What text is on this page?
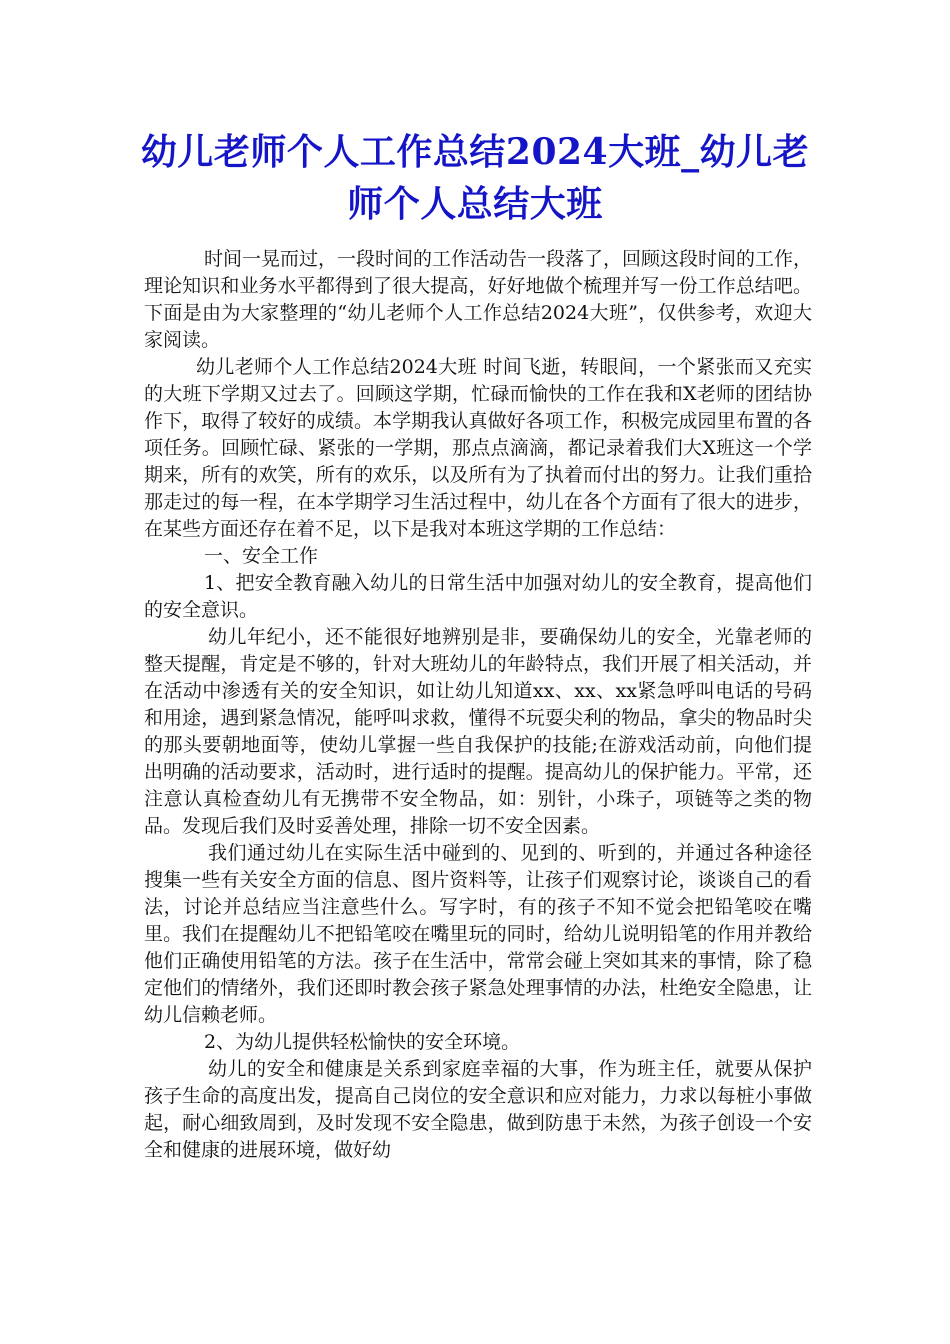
幼儿老师个人工作总结2024大班_幼儿老师个人总结大班

时间一晃而过，一段时间的工作活动告一段落了，回顾这段时间的工作，理论知识和业务水平都得到了很大提高，好好地做个梳理并写一份工作总结吧。下面是由为大家整理的“幼儿老师个人工作总结2024大班”，仅供参考，欢迎大家阅读。

幼儿老师个人工作总结2024大班 时间飞逝，转眼间，一个紧张而又充实的大班下学期又过去了。回顾这学期，忙碌而愉快的工作在我和X老师的团结协作下，取得了较好的成绩。本学期我认真做好各项工作，积极完成园里布置的各项任务。回顾忙碌、紧张的一学期，那点点滴滴，都记录着我们大X班这一个学期来，所有的欢笑，所有的欢乐，以及所有为了执着而付出的努力。让我们重拾那走过的每一程，在本学期学习生活过程中，幼儿在各个方面有了很大的进步，在某些方面还存在着不足，以下是我对本班这学期的工作总结：

一、安全工作

1、把安全教育融入幼儿的日常生活中加强对幼儿的安全教育，提高他们的安全意识。

幼儿年纪小，还不能很好地辨别是非，要确保幼儿的安全，光靠老师的整天提醒，肯定是不够的，针对大班幼儿的年龄特点，我们开展了相关活动，并在活动中渗透有关的安全知识，如让幼儿知道xx、xx、xx紧急呼叫电话的号码和用途，遇到紧急情况，能呼叫求救，懂得不玩耍尖利的物品，拿尖的物品时尖的那头要朝地面等，使幼儿掌握一些自我保护的技能;在游戏活动前，向他们提出明确的活动要求，活动时，进行适时的提醒。提高幼儿的保护能力。平常，还注意认真检查幼儿有无携带不安全物品，如：别针，小珠子，项链等之类的物品。发现后我们及时妥善处理，排除一切不安全因素。

我们通过幼儿在实际生活中碰到的、见到的、听到的，并通过各种途径搜集一些有关安全方面的信息、图片资料等，让孩子们观察讨论，谈谈自己的看法，讨论并总结应当注意些什么。写字时，有的孩子不知不觉会把铅笔咬在嘴里。我们在提醒幼儿不把铅笔咬在嘴里玩的同时，给幼儿说明铅笔的作用并教给他们正确使用铅笔的方法。孩子在生活中，常常会碰上突如其来的事情，除了稳定他们的情绪外，我们还即时教会孩子紧急处理事情的办法，杜绝安全隐患，让幼儿信赖老师。

2、为幼儿提供轻松愉快的安全环境。

幼儿的安全和健康是关系到家庭幸福的大事，作为班主任，就要从保护孩子生命的高度出发，提高自己岗位的安全意识和应对能力，力求以每桩小事做起，耐心细致周到，及时发现不安全隐患，做到防患于未然，为孩子创设一个安全和健康的进展环境，做好幼
